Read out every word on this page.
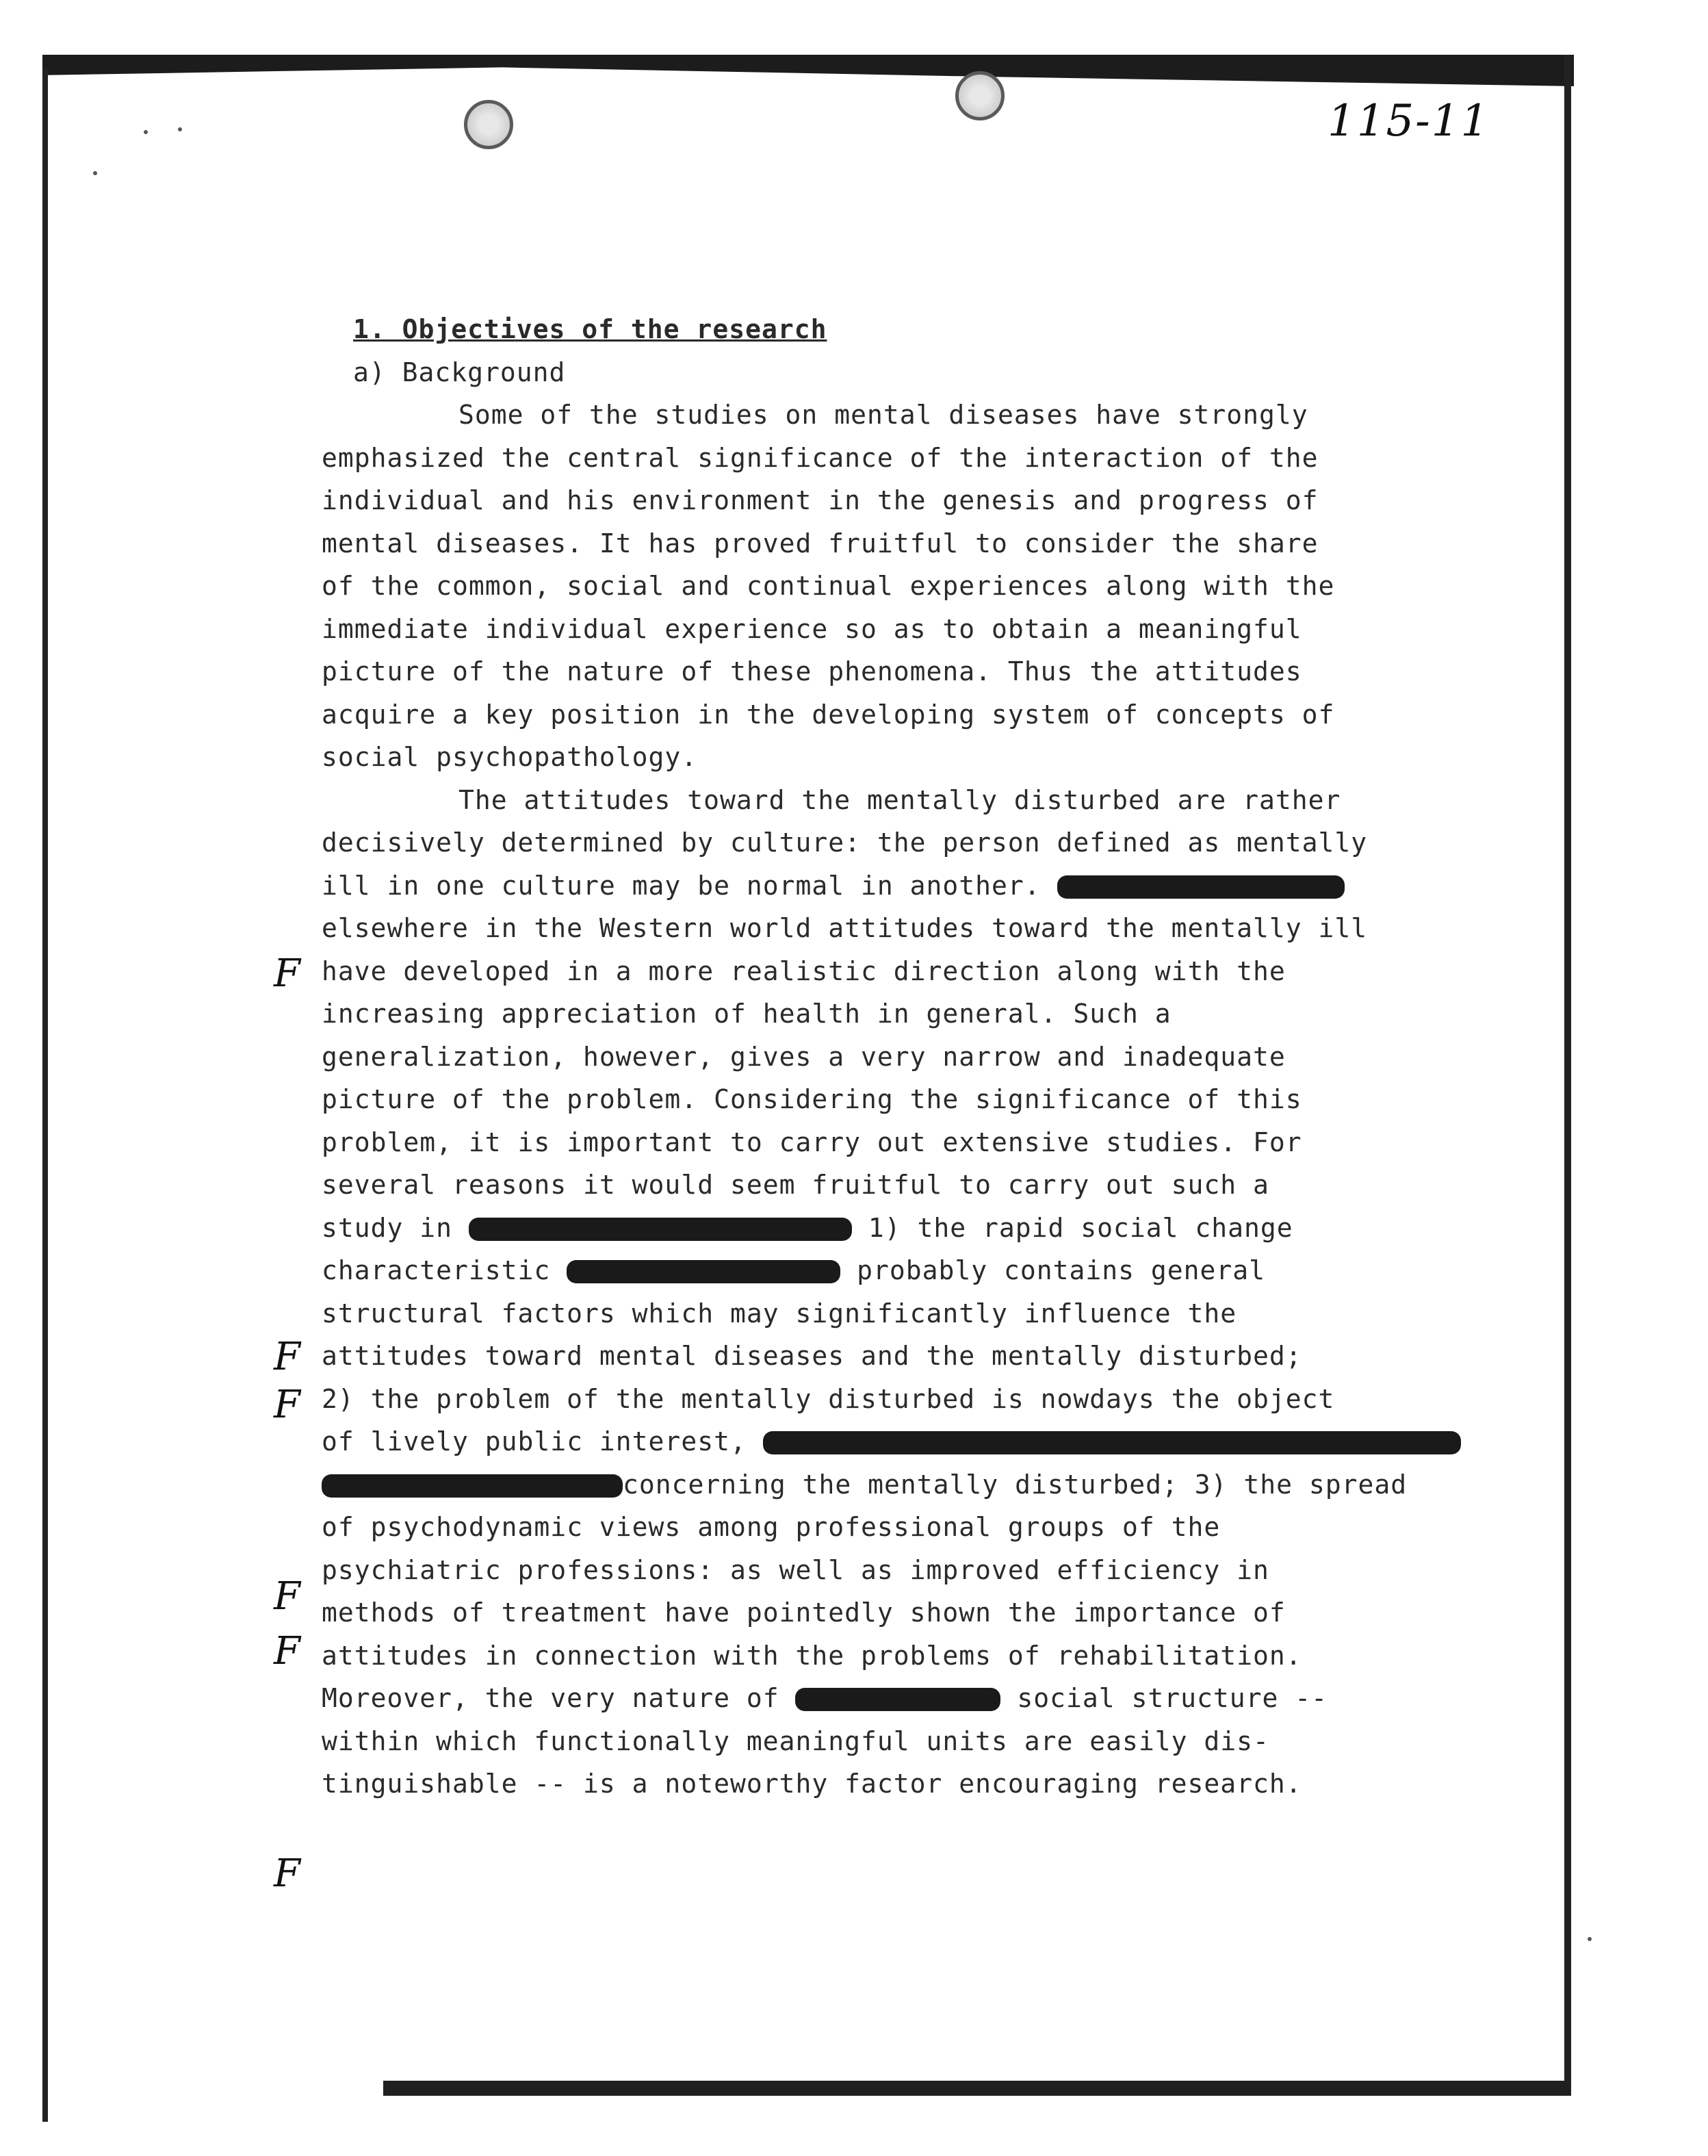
115-11
F
F
F
F
F
F
1. Objectives of the research
a) Background
Some of the studies on mental diseases have strongly
emphasized the central significance of the interaction of the
individual and his environment in the genesis and progress of
mental diseases. It has proved fruitful to consider the share
of the common, social and continual experiences along with the
immediate individual experience so as to obtain a meaningful
picture of the nature of these phenomena. Thus the attitudes
acquire a key position in the developing system of concepts of
social psychopathology.
The attitudes toward the mentally disturbed are rather
decisively determined by culture: the person defined as mentally
ill in one culture may be normal in another.
elsewhere in the Western world attitudes toward the mentally ill
have developed in a more realistic direction along with the
increasing appreciation of health in general. Such a
generalization, however, gives a very narrow and inadequate
picture of the problem. Considering the significance of this
problem, it is important to carry out extensive studies. For
several reasons it would seem fruitful to carry out such a
study in	1) the rapid social change
characteristic	probably contains general
structural factors which may significantly influence the
attitudes toward mental diseases and the mentally disturbed;
2) the problem of the mentally disturbed is nowdays the object
of lively public interest,
concerning the mentally disturbed; 3) the spread
of psychodynamic views among professional groups of the
psychiatric professions: as well as improved efficiency in
methods of treatment have pointedly shown the importance of
attitudes in connection with the problems of rehabilitation.
Moreover, the very nature of	social structure --
within which functionally meaningful units are easily dis-
tinguishable -- is a noteworthy factor encouraging research.
